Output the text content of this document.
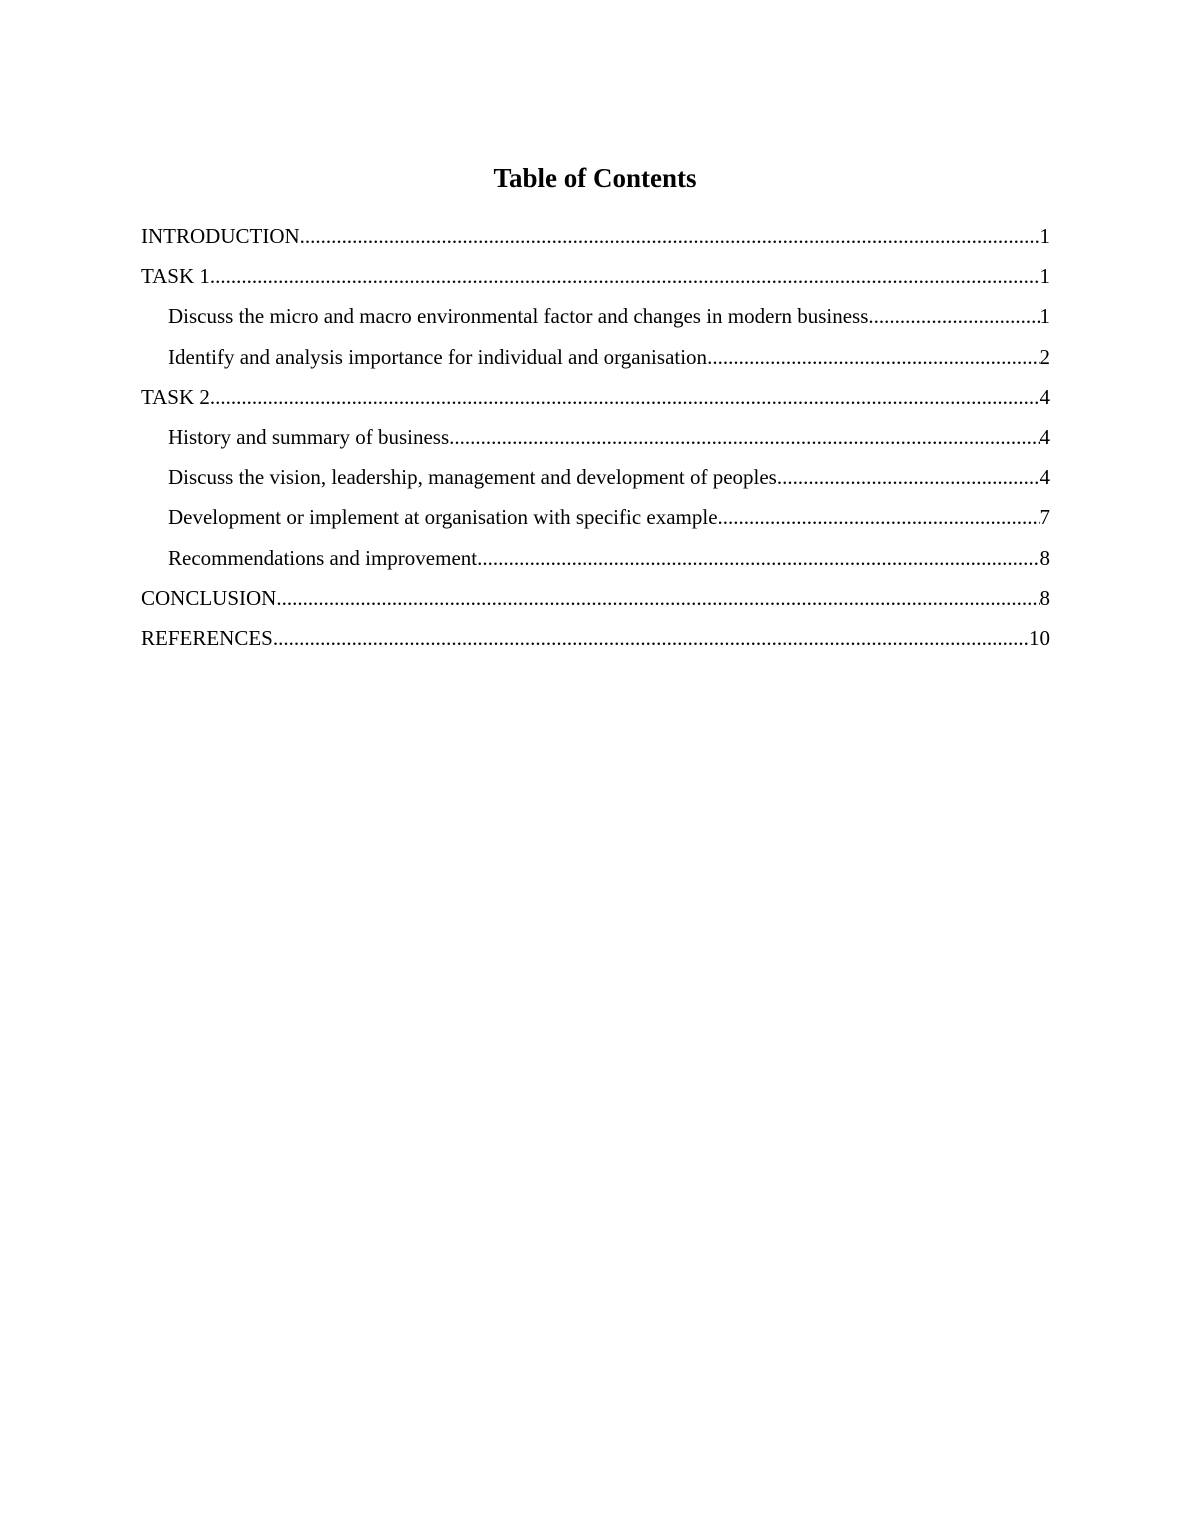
Table of Contents
INTRODUCTION .....	1
TASK 1 .....	1
Discuss the micro and macro environmental factor and changes in modern business .....	1
Identify and analysis importance for individual and organisation .....	2
TASK 2 .....	4
History and summary of business .....	4
Discuss the vision, leadership, management and development of peoples .....	4
Development or implement at organisation with specific example .....	7
Recommendations and improvement .....	8
CONCLUSION .....	8
REFERENCES .....	10
